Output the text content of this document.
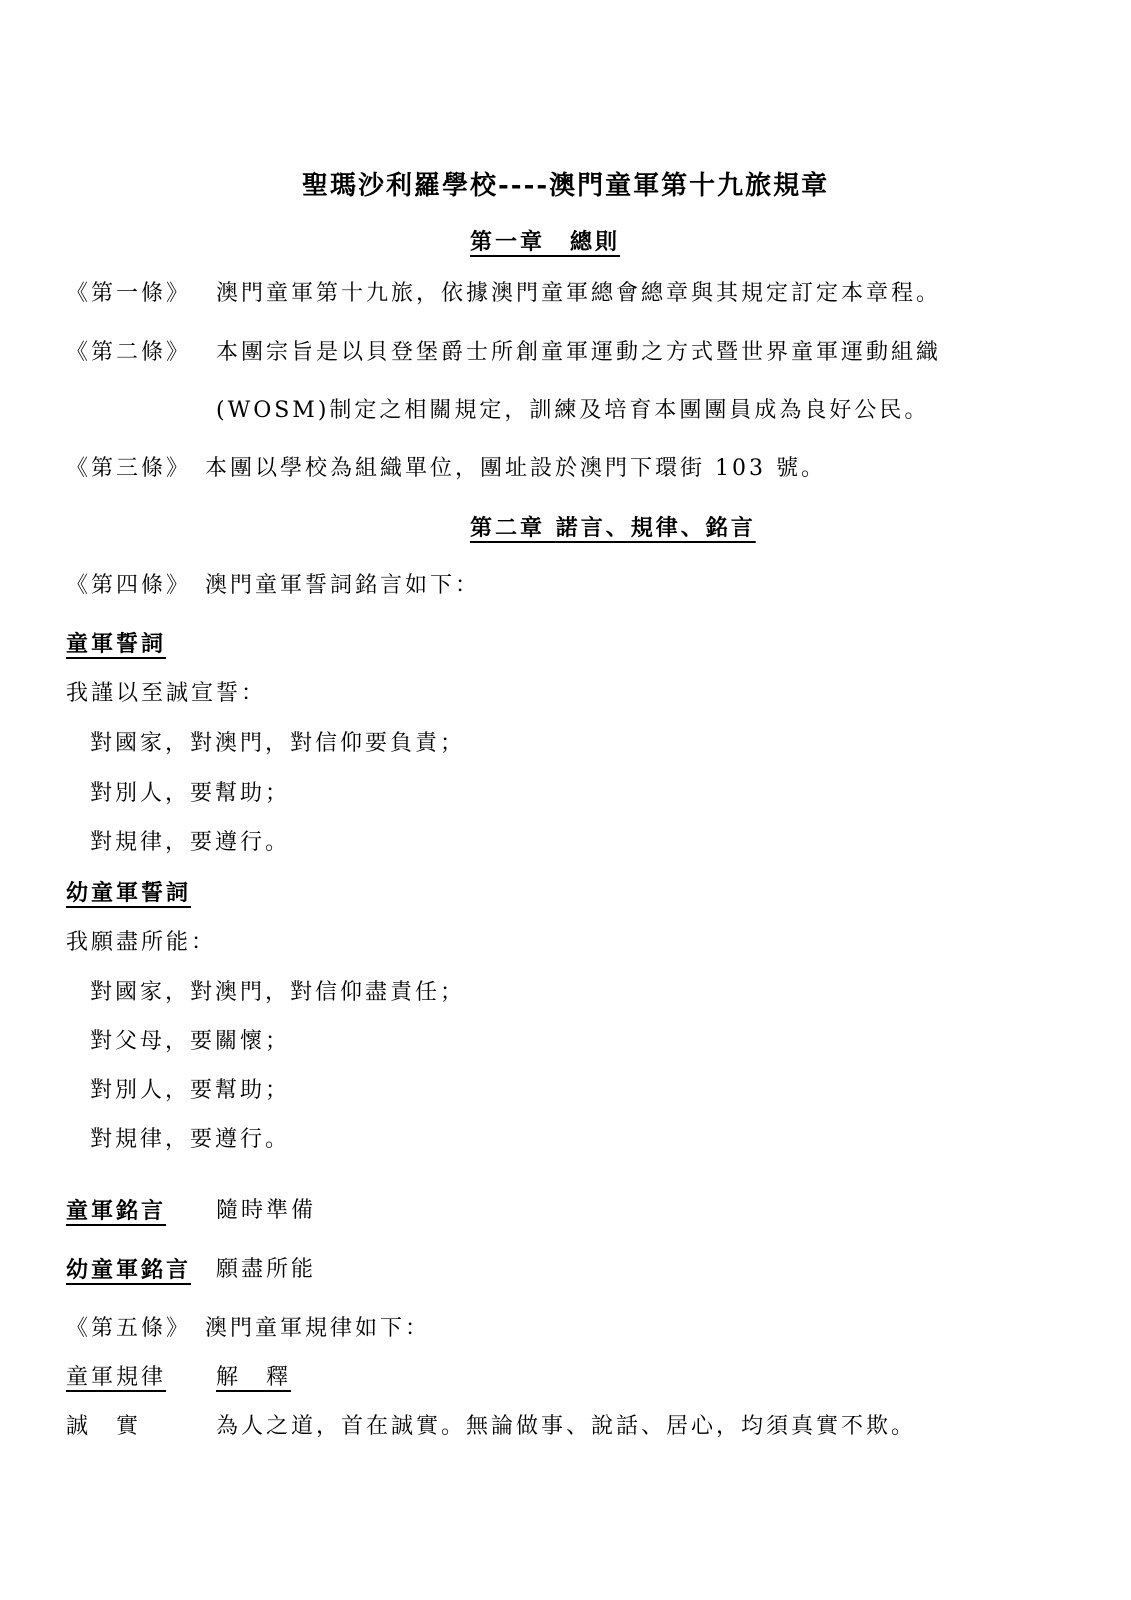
聖瑪沙利羅學校----澳門童軍第十九旅規章
第一章　 總則
《第一條》 澳門童軍第十九旅，依據澳門童軍總會總章與其規定訂定本章程。
《第二條》 本團宗旨是以貝登堡爵士所創童軍運動之方式暨世界童軍運動組織
(WOSM)制定之相關規定，訓練及培育本團團員成為良好公民。
《第三條》 本團以學校為組織單位，團址設於澳門下環街 103 號。
第二章 諾言、規律、銘言
《第四條》 澳門童軍誓詞銘言如下：
童軍誓詞
我謹以至誠宣誓：
對國家，對澳門，對信仰要負責；
對別人，要幫助；
對規律，要遵行。
幼童軍誓詞
我願盡所能：
對國家，對澳門，對信仰盡責任；
對父母，要關懷；
對別人，要幫助；
對規律，要遵行。
童軍銘言 隨時準備
幼童軍銘言 願盡所能
《第五條》 澳門童軍規律如下：
童軍規律 解　釋
誠　實	為人之道，首在誠實。無論做事、說話、居心，均須真實不欺。
